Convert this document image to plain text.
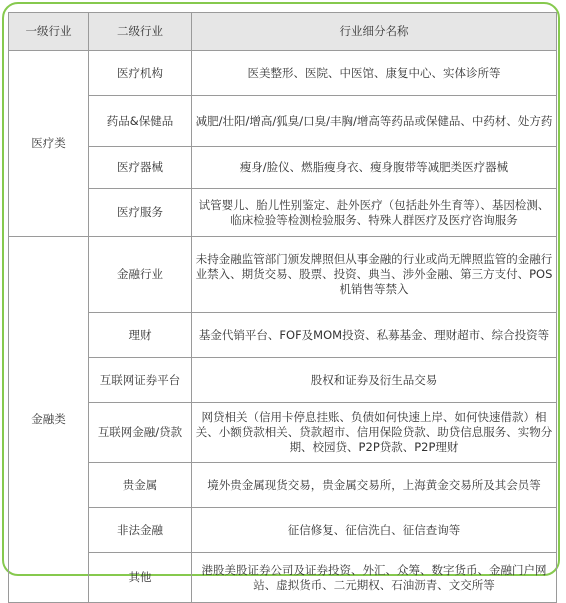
一级行业	二级行业	行业细分名称
医疗类	医疗机构	医美整形、医院、中医馆、康复中心、实体诊所等
	药品&保健品	减肥/壮阳/增高/狐臭/口臭/丰胸/增高等药品或保健品、中药材、处方药
	医疗器械	瘦身/脸仪、燃脂瘦身衣、瘦身腹带等减肥类医疗器械
	医疗服务	试管婴儿、胎儿性别鉴定、赴外医疗（包括赴外生育等）、基因检测、临床检验等检测检验服务、特殊人群医疗及医疗咨询服务
金融类	金融行业	未持金融监管部门颁发牌照但从事金融的行业或尚无牌照监管的金融行业禁入、期货交易、股票、投资、典当、涉外金融、第三方支付、POS机销售等禁入
	理财	基金代销平台、FOF及MOM投资、私募基金、理财超市、综合投资等
	互联网证券平台	股权和证券及衍生品交易
	互联网金融/贷款	网贷相关（信用卡停息挂账、负债如何快速上岸、如何快速借款）相关、小额贷款相关、贷款超市、信用保险贷款、助贷信息服务、实物分期、校园贷、P2P贷款、P2P理财
	贵金属	境外贵金属现货交易，贵金属交易所，上海黄金交易所及其会员等
	非法金融	征信修复、征信洗白、征信查询等
	其他	港股美股证券公司及证券投资、外汇、众筹、数字货币、金融门户网站、虚拟货币、二元期权、石油沥青、文交所等
